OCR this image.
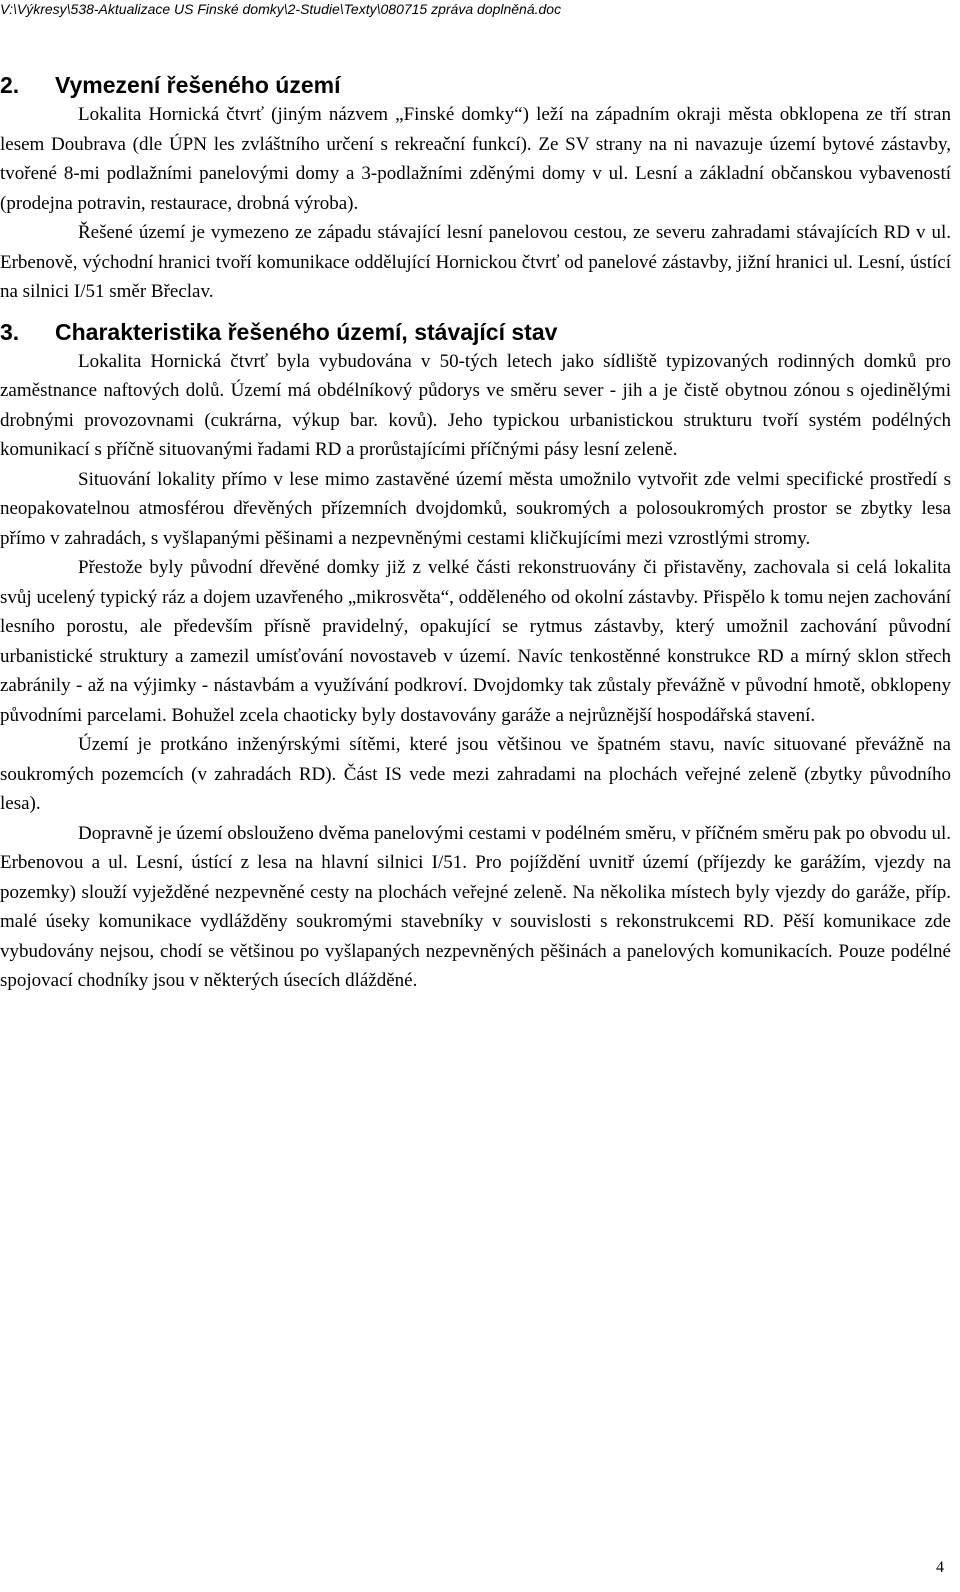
V:\Výkresy\538-Aktualizace US Finské domky\2-Studie\Texty\080715 zpráva doplněná.doc
2. Vymezení řešeného území

Lokalita Hornická čtvrť (jiným názvem „Finské domky“) leží na západním okraji města obklopena ze tří stran lesem Doubrava (dle ÚPN les zvláštního určení s rekreační funkcí). Ze SV strany na ni navazuje území bytové zástavby, tvořené 8-mi podlažními panelovými domy a 3-podlažními zděnými domy v ul. Lesní a základní občanskou vybaveností (prodejna potravin, restaurace, drobná výroba).

Řešené území je vymezeno ze západu stávající lesní panelovou cestou, ze severu zahradami stávajících RD v ul. Erbenově, východní hranici tvoří komunikace oddělující Hornickou čtvrť od panelové zástavby, jižní hranici ul. Lesní, ústící na silnici I/51 směr Břeclav.

3. Charakteristika řešeného území, stávající stav

Lokalita Hornická čtvrť byla vybudována v 50-tých letech jako sídliště typizovaných rodinných domků pro zaměstnance naftových dolů. Území má obdélníkový půdorys ve směru sever - jih a je čistě obytnou zónou s ojedinělými drobnými provozovnami (cukrárna, výkup bar. kovů). Jeho typickou urbanistickou strukturu tvoří systém podélných komunikací s příčně situovanými řadami RD a prorůstajícími příčnými pásy lesní zeleně.

Situování lokality přímo v lese mimo zastavěné území města umožnilo vytvořit zde velmi specifické prostředí s neopakovatelnou atmosférou dřevěných přízemních dvojdomků, soukromých a polosoukromých prostor se zbytky lesa přímo v zahradách, s vyšlapanými pěšinami a nezpevněnými cestami kličkujícími mezi vzrostlými stromy.

Přestože byly původní dřevěné domky již z velké části rekonstruovány či přistavěny, zachovala si celá lokalita svůj ucelený typický ráz a dojem uzavřeného „mikrosvěta“, odděleného od okolní zástavby. Přispělo k tomu nejen zachování lesního porostu, ale především přísně pravidelný, opakující se rytmus zástavby, který umožnil zachování původní urbanistické struktury a zamezil umísťování novostaveb v území. Navíc tenkostěnné konstrukce RD a mírný sklon střech zabránily - až na výjimky - nástavbám a využívání podkroví. Dvojdomky tak zůstaly převážně v původní hmotě, obklopeny původními parcelami. Bohužel zcela chaoticky byly dostavovány garáže a nejrůznější hospodářská stavení.

Území je protkáno inženýrskými sítěmi, které jsou většinou ve špatném stavu, navíc situované převážně na soukromých pozemcích (v zahradách RD). Část IS vede mezi zahradami na plochách veřejné zeleně (zbytky původního lesa).

Dopravně je území obslouženo dvěma panelovými cestami v podélném směru, v příčném směru pak po obvodu ul. Erbenovou a ul. Lesní, ústící z lesa na hlavní silnici I/51. Pro pojíždění uvnitř území (příjezdy ke garážím, vjezdy na pozemky) slouží vyježděné nezpevněné cesty na plochách veřejné zeleně. Na několika místech byly vjezdy do garáže, příp. malé úseky komunikace vydlážděny soukromými stavebníky v souvislosti s rekonstrukcemi RD. Pěší komunikace zde vybudovány nejsou, chodí se většinou po vyšlapaných nezpevněných pěšinách a panelových komunikacích. Pouze podélné spojovací chodníky jsou v některých úsecích dlážděné.

4
